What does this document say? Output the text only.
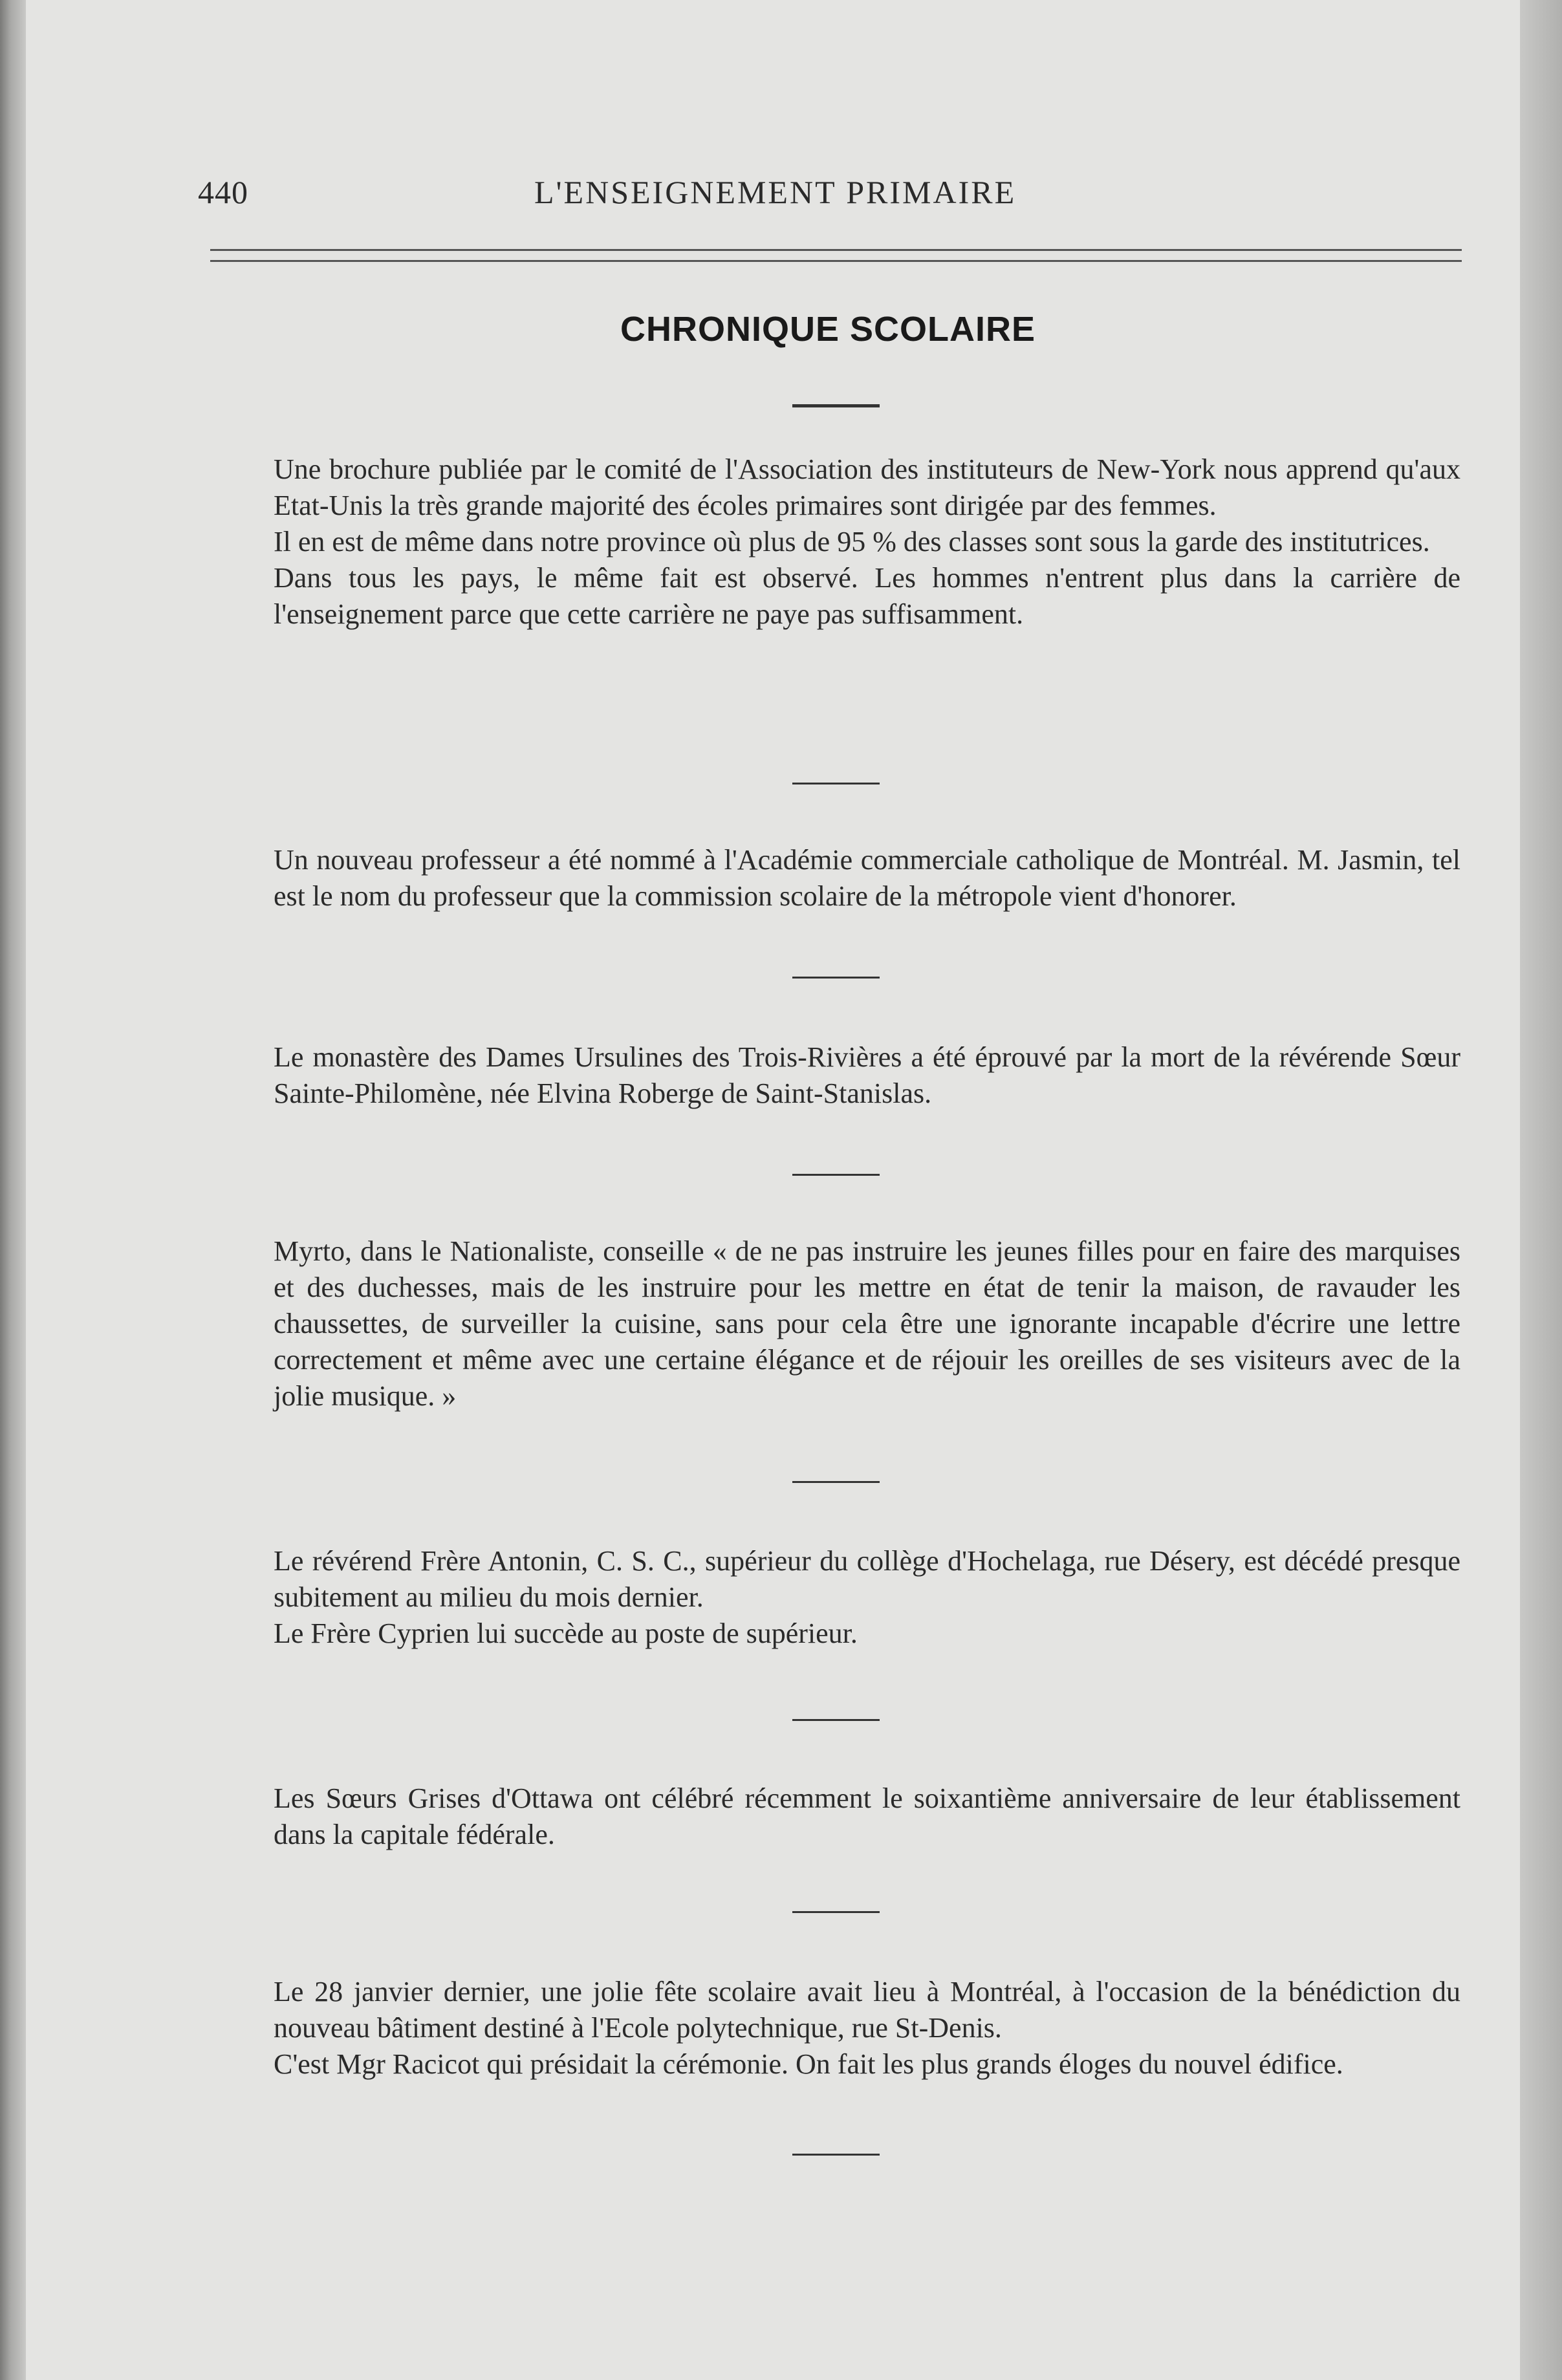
440	L'ENSEIGNEMENT PRIMAIRE
CHRONIQUE SCOLAIRE
Une brochure publiée par le comité de l'Association des instituteurs de New-York nous apprend qu'aux Etat-Unis la très grande majorité des écoles primaires sont dirigée par des femmes.
Il en est de même dans notre province où plus de 95 % des classes sont sous la garde des institutrices.
Dans tous les pays, le même fait est observé. Les hommes n'entrent plus dans la carrière de l'enseignement parce que cette carrière ne paye pas suffisamment.
Un nouveau professeur a été nommé à l'Académie commerciale catholique de Montréal. M. Jasmin, tel est le nom du professeur que la commission scolaire de la métropole vient d'honorer.
Le monastère des Dames Ursulines des Trois-Rivières a été éprouvé par la mort de la révérende Sœur Sainte-Philomène, née Elvina Roberge de Saint-Stanislas.
Myrto, dans le Nationaliste, conseille « de ne pas instruire les jeunes filles pour en faire des marquises et des duchesses, mais de les instruire pour les mettre en état de tenir la maison, de ravauder les chaussettes, de surveiller la cuisine, sans pour cela être une ignorante incapable d'écrire une lettre correctement et même avec une certaine élégance et de réjouir les oreilles de ses visiteurs avec de la jolie musique. »
Le révérend Frère Antonin, C. S. C., supérieur du collège d'Hochelaga, rue Désery, est décédé presque subitement au milieu du mois dernier.
Le Frère Cyprien lui succède au poste de supérieur.
Les Sœurs Grises d'Ottawa ont célébré récemment le soixantième anniversaire de leur établissement dans la capitale fédérale.
Le 28 janvier dernier, une jolie fête scolaire avait lieu à Montréal, à l'occasion de la bénédiction du nouveau bâtiment destiné à l'Ecole polytechnique, rue St-Denis.
C'est Mgr Racicot qui présidait la cérémonie. On fait les plus grands éloges du nouvel édifice.
